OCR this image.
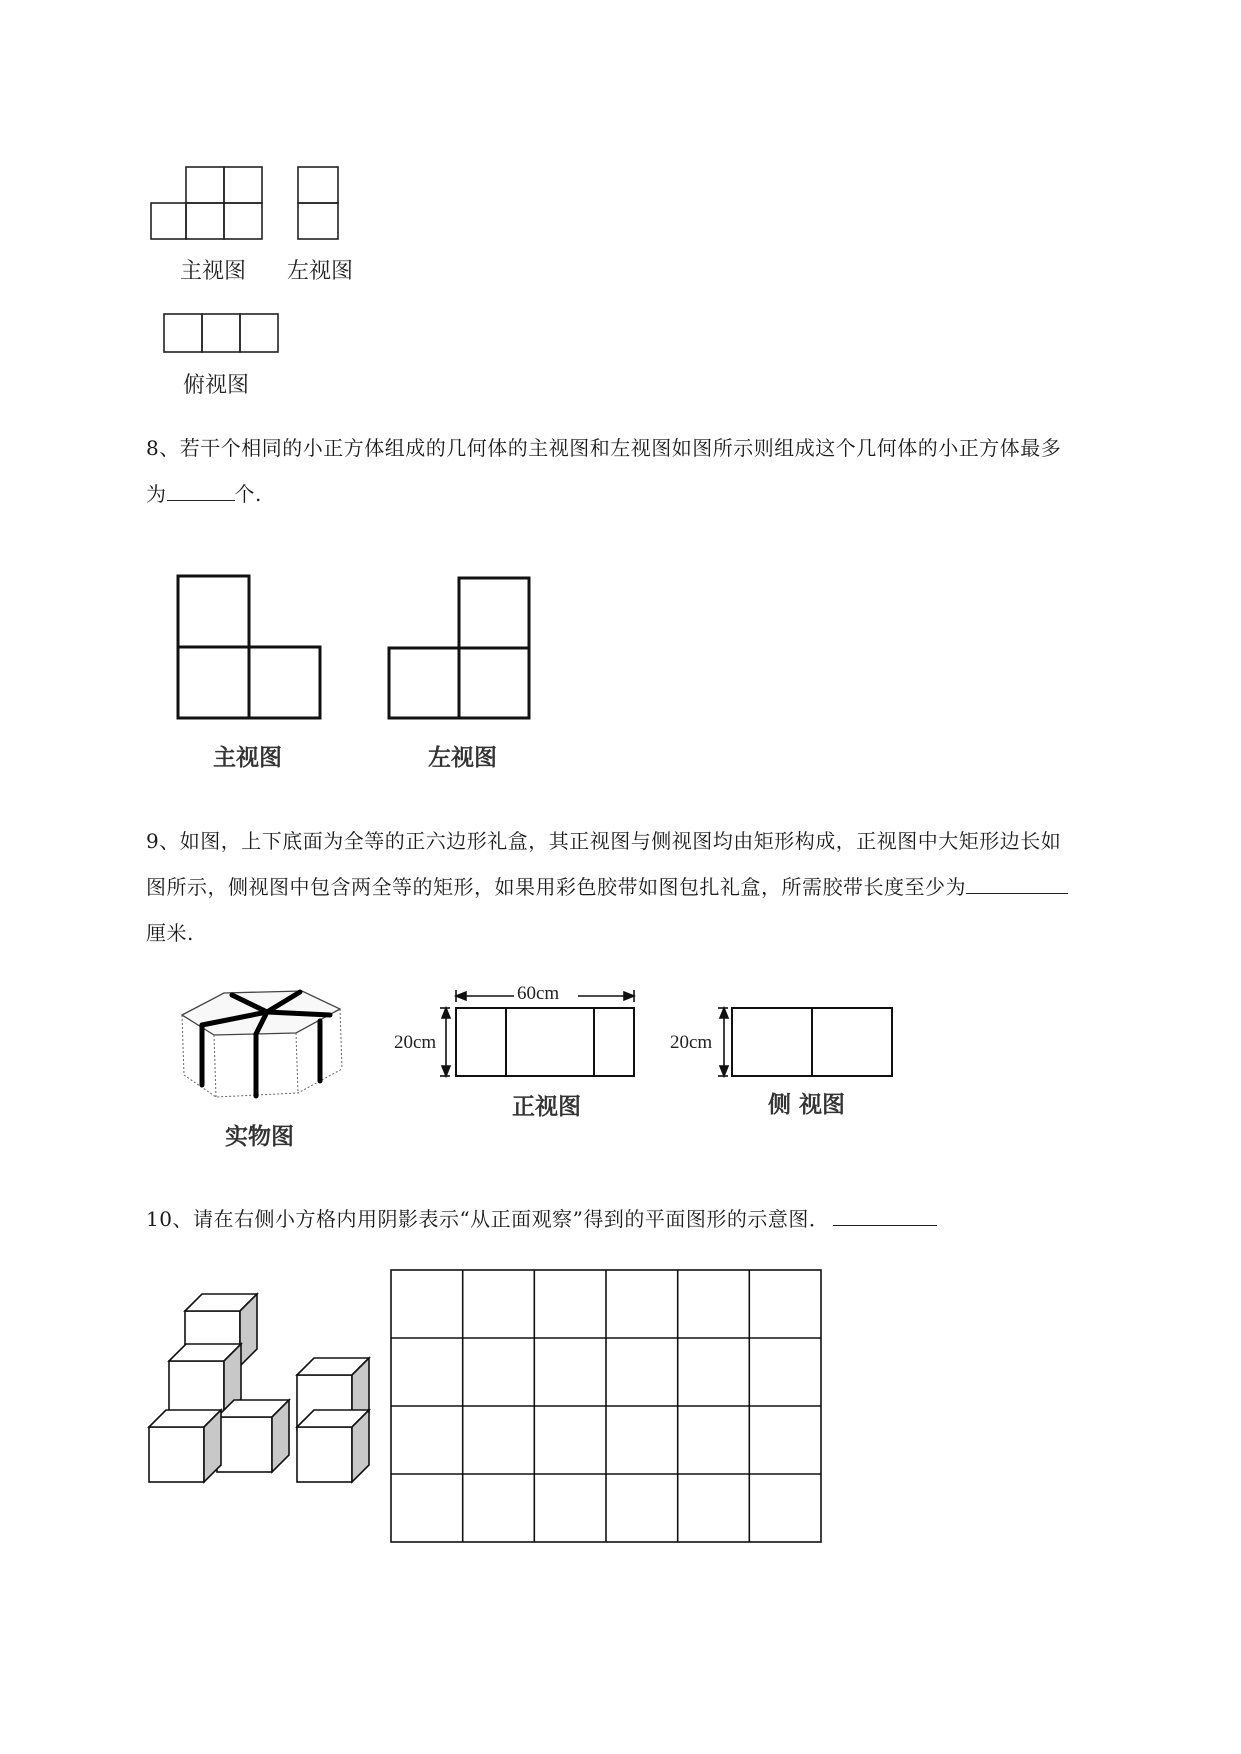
主视图 左视图
俯视图
8、若干个相同的小正方体组成的几何体的主视图和左视图如图所示则组成这个几何体的小正方体最多
为	个.
主视图	左视图
9、如图，上下底面为全等的正六边形礼盒，其正视图与侧视图均由矩形构成，正视图中大矩形边长如
图所示，侧视图中包含两全等的矩形，如果用彩色胶带如图包扎礼盒，所需胶带长度至少为
厘米.
实物图
60cm
20cm
正视图
20cm
侧 视图
10、请在右侧小方格内用阴影表示“从正面观察”得到的平面图形的示意图．
